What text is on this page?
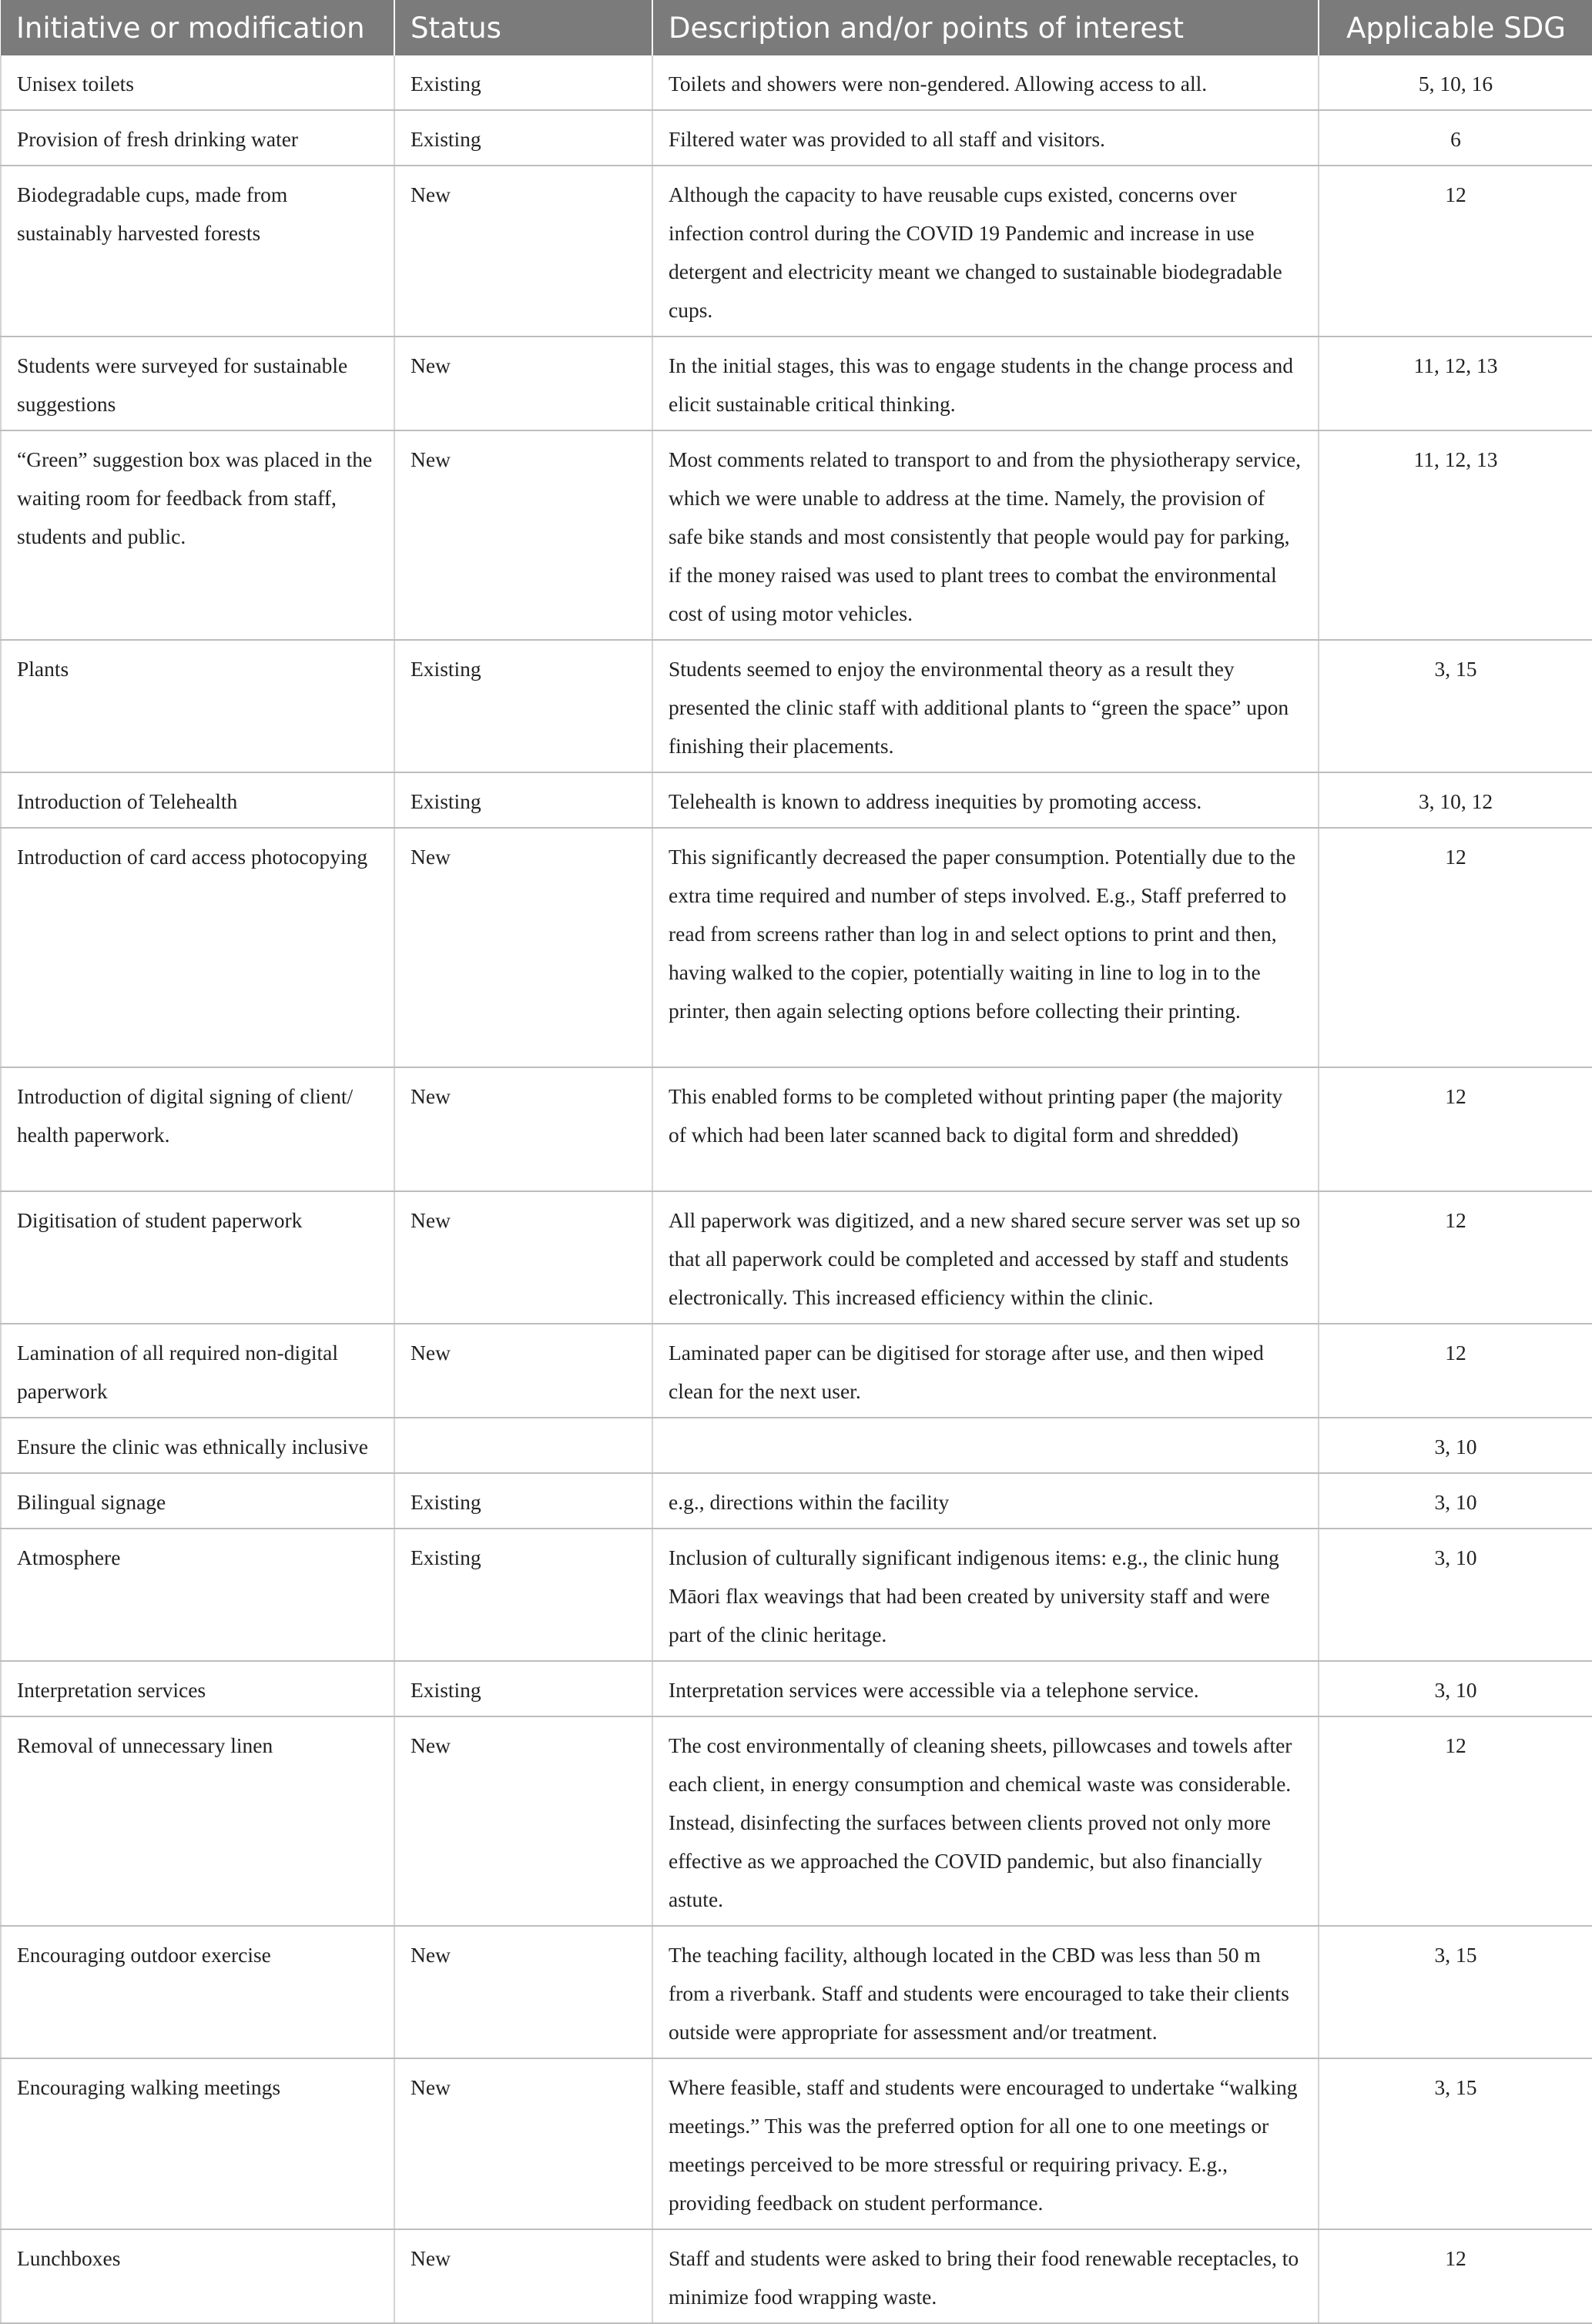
Initiative or modification	Status	Description and/or points of interest	Applicable SDG
Unisex toilets	Existing	Toilets and showers were non-gendered. Allowing access to all.	5, 10, 16
Provision of fresh drinking water	Existing	Filtered water was provided to all staff and visitors.	6
Biodegradable cups, made from sustainably harvested forests	New	Although the capacity to have reusable cups existed, concerns over infection control during the COVID 19 Pandemic and increase in use detergent and electricity meant we changed to sustainable biodegradable cups.	12
Students were surveyed for sustainable suggestions	New	In the initial stages, this was to engage students in the change process and elicit sustainable critical thinking.	11, 12, 13
“Green” suggestion box was placed in the waiting room for feedback from staff, students and public.	New	Most comments related to transport to and from the physiotherapy service, which we were unable to address at the time. Namely, the provision of safe bike stands and most consistently that people would pay for parking, if the money raised was used to plant trees to combat the environmental cost of using motor vehicles.	11, 12, 13
Plants	Existing	Students seemed to enjoy the environmental theory as a result they presented the clinic staff with additional plants to “green the space” upon finishing their placements.	3, 15
Introduction of Telehealth	Existing	Telehealth is known to address inequities by promoting access.	3, 10, 12
Introduction of card access photocopying	New	This significantly decreased the paper consumption. Potentially due to the extra time required and number of steps involved. E.g., Staff preferred to read from screens rather than log in and select options to print and then, having walked to the copier, potentially waiting in line to log in to the printer, then again selecting options before collecting their printing.	12
Introduction of digital signing of client/ health paperwork.	New	This enabled forms to be completed without printing paper (the majority of which had been later scanned back to digital form and shredded)	12
Digitisation of student paperwork	New	All paperwork was digitized, and a new shared secure server was set up so that all paperwork could be completed and accessed by staff and students electronically. This increased efficiency within the clinic.	12
Lamination of all required non-digital paperwork	New	Laminated paper can be digitised for storage after use, and then wiped clean for the next user.	12
Ensure the clinic was ethnically inclusive			3, 10
Bilingual signage	Existing	e.g., directions within the facility	3, 10
Atmosphere	Existing	Inclusion of culturally significant indigenous items: e.g., the clinic hung Māori flax weavings that had been created by university staff and were part of the clinic heritage.	3, 10
Interpretation services	Existing	Interpretation services were accessible via a telephone service.	3, 10
Removal of unnecessary linen	New	The cost environmentally of cleaning sheets, pillowcases and towels after each client, in energy consumption and chemical waste was considerable. Instead, disinfecting the surfaces between clients proved not only more effective as we approached the COVID pandemic, but also financially astute.	12
Encouraging outdoor exercise	New	The teaching facility, although located in the CBD was less than 50 m from a riverbank. Staff and students were encouraged to take their clients outside were appropriate for assessment and/or treatment.	3, 15
Encouraging walking meetings	New	Where feasible, staff and students were encouraged to undertake “walking meetings.” This was the preferred option for all one to one meetings or meetings perceived to be more stressful or requiring privacy. E.g., providing feedback on student performance.	3, 15
Lunchboxes	New	Staff and students were asked to bring their food renewable receptacles, to minimize food wrapping waste.	12
